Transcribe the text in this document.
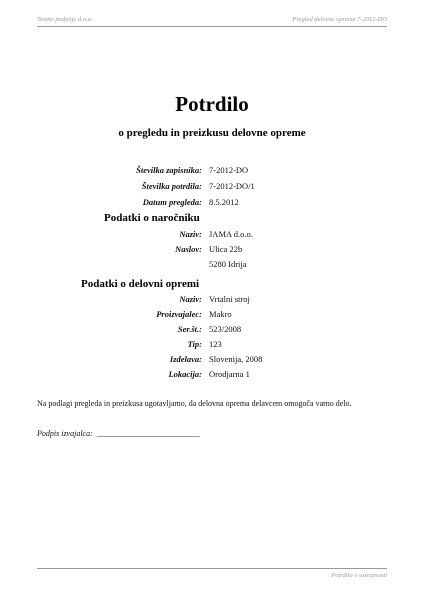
Testno podjetje d.o.o.	Pregled delovne opreme 7-2012-DO
Potrdilo
o pregledu in preizkusu delovne opreme
Številka zapisnika: 7-2012-DO
Številka potrdila: 7-2012-DO/1
Datum pregleda: 8.5.2012
Podatki o naročniku
Naziv: JAMA d.o.o.
Naslov: Ulica 22b
5280 Idrija
Podatki o delovni opremi
Naziv: Vrtalni stroj
Proizvajalec: Makro
Ser.št.: 523/2008
Tip: 123
Izdelava: Slovenija, 2008
Lokacija: Orodjarna 1
Na podlagi pregleda in preizkusa ugotavljamo, da delovna oprema delavcem omogoča varno delo.
Podpis izvajalca: ___________________________
Potrdilo o ustreznosti
